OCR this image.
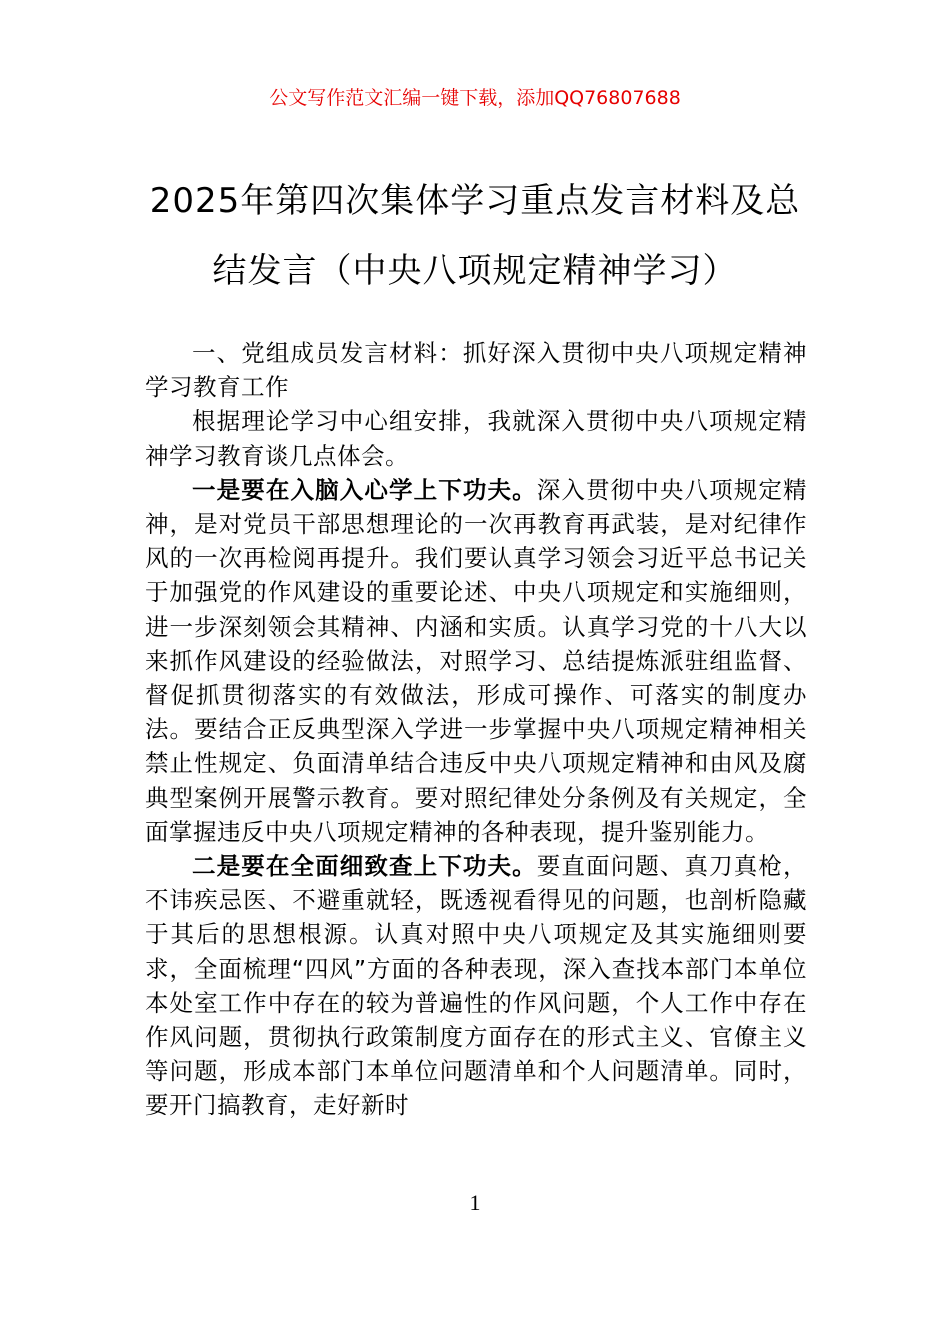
公文写作范文汇编一键下载，添加QQ76807688
2025年第四次集体学习重点发言材料及总
结发言（中央八项规定精神学习）

一、党组成员发言材料：抓好深入贯彻中央八项规定精神学习教育工作

根据理论学习中心组安排，我就深入贯彻中央八项规定精神学习教育谈几点体会。

一是要在入脑入心学上下功夫。深入贯彻中央八项规定精神，是对党员干部思想理论的一次再教育再武装，是对纪律作风的一次再检阅再提升。我们要认真学习领会习近平总书记关于加强党的作风建设的重要论述、中央八项规定和实施细则，进一步深刻领会其精神、内涵和实质。认真学习党的十八大以来抓作风建设的经验做法，对照学习、总结提炼派驻组监督、督促抓贯彻落实的有效做法，形成可操作、可落实的制度办法。要结合正反典型深入学进一步掌握中央八项规定精神相关禁止性规定、负面清单结合违反中央八项规定精神和由风及腐典型案例开展警示教育。要对照纪律处分条例及有关规定，全面掌握违反中央八项规定精神的各种表现，提升鉴别能力。

二是要在全面细致查上下功夫。要直面问题、真刀真枪，不讳疾忌医、不避重就轻，既透视看得见的问题，也剖析隐藏于其后的思想根源。认真对照中央八项规定及其实施细则要求，全面梳理“四风”方面的各种表现，深入查找本部门本单位本处室工作中存在的较为普遍性的作风问题，个人工作中存在作风问题，贯彻执行政策制度方面存在的形式主义、官僚主义等问题，形成本部门本单位问题清单和个人问题清单。同时，要开门搞教育，走好新时

1
